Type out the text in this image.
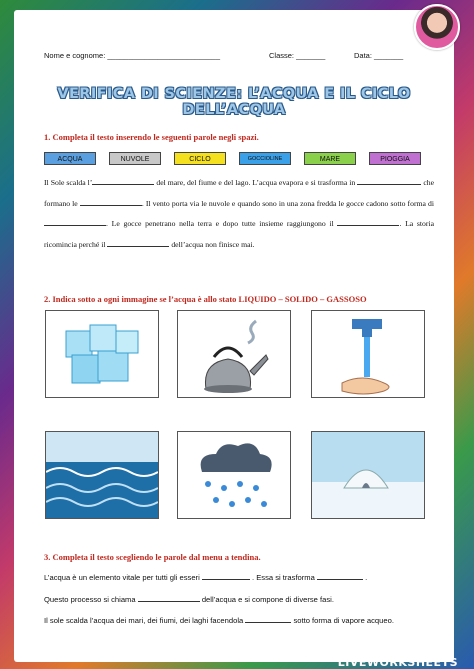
Nome e cognome: ___________________________	Classe: _______	Data: _______
VERIFICA DI SCIENZE: L’ACQUA E IL CICLO DELL’ACQUA
1. Completa il testo inserendo le seguenti parole negli spazi.
ACQUA	NUVOLE	CICLO	GOCCIOLINE	MARE	PIOGGIA
Il Sole scalda l’	del mare, del fiume e del lago. L’acqua evapora e si trasforma in	che formano le	. Il vento porta via le nuvole e quando sono in una zona fredda le gocce cadono sotto forma di . Le gocce penetrano nella terra e dopo tutte insieme raggiungono il	. La storia ricomincia perché il	dell’acqua non finisce mai.
2. Indica sotto a ogni immagine se l’acqua è allo stato LIQUIDO – SOLIDO – GASSOSO
3. Completa il testo scegliendo le parole dal menu a tendina.
L’acqua è un elemento vitale per tutti gli esseri	. Essa si trasforma	.
Questo processo si chiama	dell’acqua e si compone di diverse fasi.
Il sole scalda l’acqua dei mari, dei fiumi, dei laghi facendola	sotto forma di vapore acqueo.
LIVEWORKSHEETS
